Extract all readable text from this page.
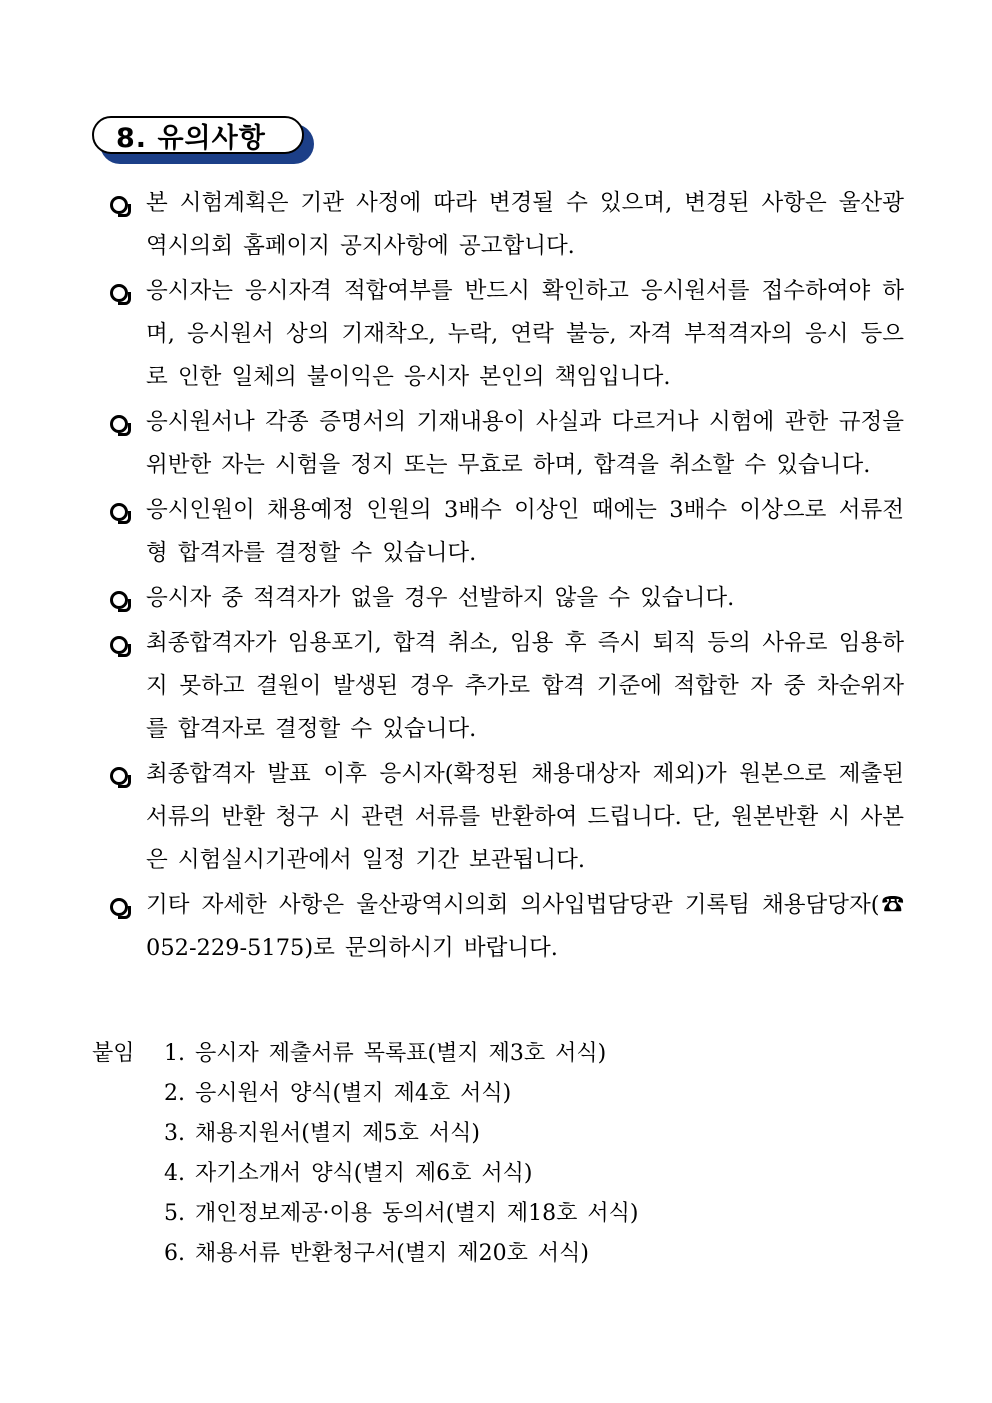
8. 유의사항
본 시험계획은 기관 사정에 따라 변경될 수 있으며, 변경된 사항은 울산광역시의회 홈페이지 공지사항에 공고합니다.
응시자는 응시자격 적합여부를 반드시 확인하고 응시원서를 접수하여야 하며, 응시원서 상의 기재착오, 누락, 연락 불능, 자격 부적격자의 응시 등으로 인한 일체의 불이익은 응시자 본인의 책임입니다.
응시원서나 각종 증명서의 기재내용이 사실과 다르거나 시험에 관한 규정을 위반한 자는 시험을 정지 또는 무효로 하며, 합격을 취소할 수 있습니다.
응시인원이 채용예정 인원의 3배수 이상인 때에는 3배수 이상으로 서류전형 합격자를 결정할 수 있습니다.
응시자 중 적격자가 없을 경우 선발하지 않을 수 있습니다.
최종합격자가 임용포기, 합격 취소, 임용 후 즉시 퇴직 등의 사유로 임용하지 못하고 결원이 발생된 경우 추가로 합격 기준에 적합한 자 중 차순위자를 합격자로 결정할 수 있습니다.
최종합격자 발표 이후 응시자(확정된 채용대상자 제외)가 원본으로 제출된 서류의 반환 청구 시 관련 서류를 반환하여 드립니다. 단, 원본반환 시 사본은 시험실시기관에서 일정 기간 보관됩니다.
기타 자세한 사항은 울산광역시의회 의사입법담당관 기록팀 채용담당자(☎ 052-229-5175)로 문의하시기 바랍니다.
붙임 1. 응시자 제출서류 목록표(별지 제3호 서식)
2. 응시원서 양식(별지 제4호 서식)
3. 채용지원서(별지 제5호 서식)
4. 자기소개서 양식(별지 제6호 서식)
5. 개인정보제공·이용 동의서(별지 제18호 서식)
6. 채용서류 반환청구서(별지 제20호 서식)
